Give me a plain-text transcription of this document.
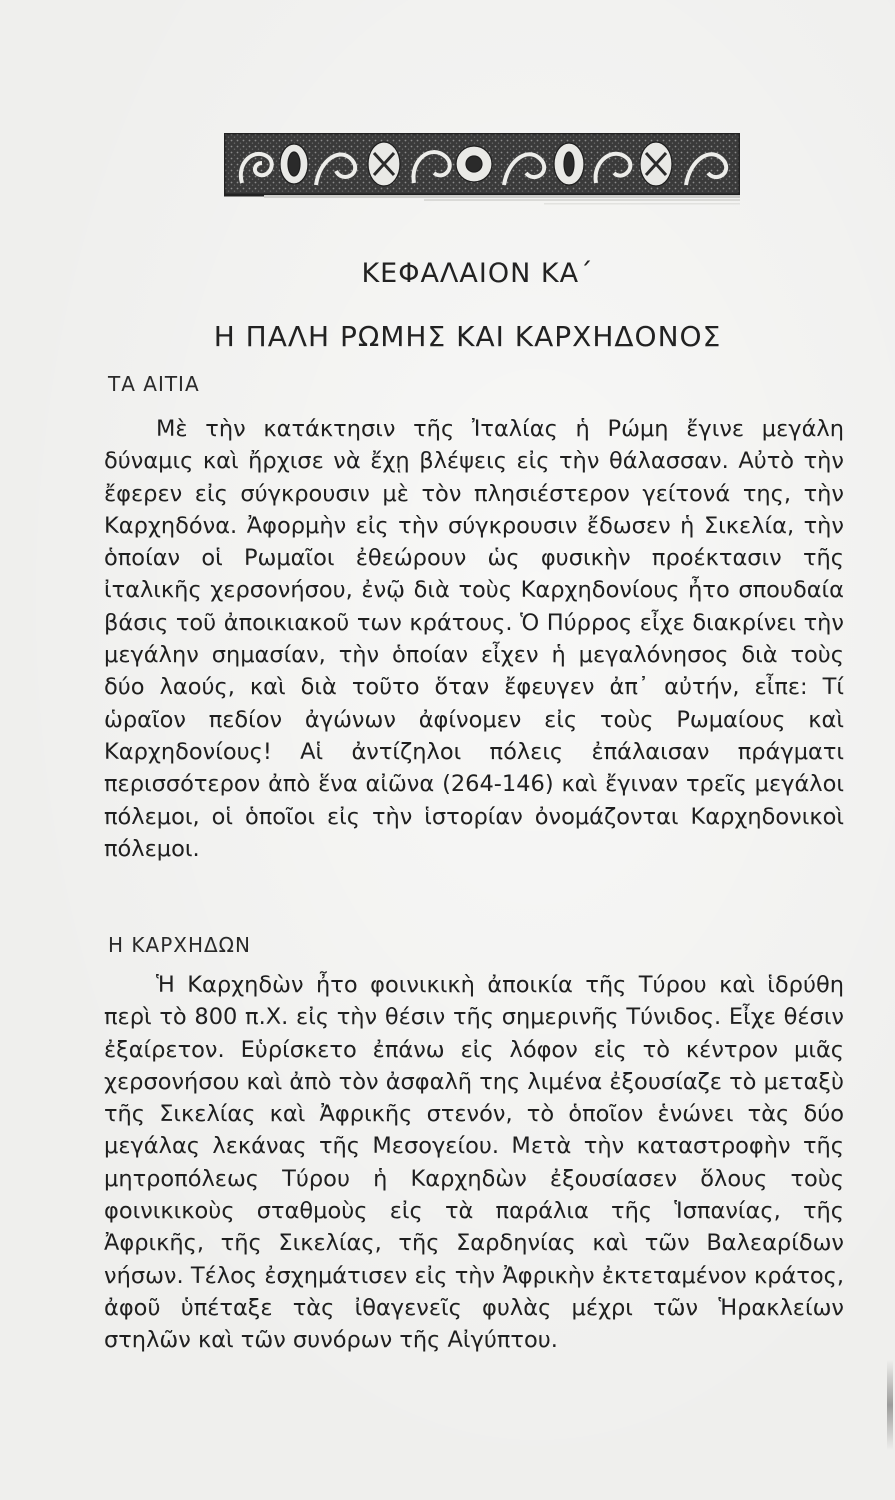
ΚΕΦΑΛΑΙΟΝ ΚΑ΄
Η ΠΑΛΗ ΡΩΜΗΣ ΚΑΙ ΚΑΡΧΗΔΟΝΟΣ
ΤΑ ΑΙΤΙΑ

Μὲ τὴν κατάκτησιν τῆς Ἰταλίας ἡ Ρώμη ἔγινε μεγάλη δύναμις καὶ ἤρχισε νὰ ἔχῃ βλέψεις εἰς τὴν θάλασσαν. Αὐτὸ τὴν ἔφερεν εἰς σύγκρουσιν μὲ τὸν πλησιέστερον γείτονά της, τὴν Καρχηδόνα. Ἀφορμὴν εἰς τὴν σύγκρουσιν ἔδωσεν ἡ Σικελία, τὴν ὁποίαν οἱ Ρωμαῖοι ἐθεώρουν ὡς φυσικὴν προέκτασιν τῆς ἰταλικῆς χερσονήσου, ἐνῷ διὰ τοὺς Καρχηδονίους ἦτο σπουδαία βάσις τοῦ ἀποικιακοῦ των κράτους. Ὁ Πύρρος εἶχε διακρίνει τὴν μεγάλην σημασίαν, τὴν ὁποίαν εἶχεν ἡ μεγαλόνησος διὰ τοὺς δύο λαούς, καὶ διὰ τοῦτο ὅταν ἔφευγεν ἀπ᾽ αὐτήν, εἶπε: Τί ὡραῖον πεδίον ἀγώνων ἀφίνομεν εἰς τοὺς Ρωμαίους καὶ Καρχηδονίους! Αἱ ἀντίζηλοι πόλεις ἐπάλαισαν πράγματι περισσότερον ἀπὸ ἕνα αἰῶνα (264-146) καὶ ἔγιναν τρεῖς μεγάλοι πόλεμοι, οἱ ὁποῖοι εἰς τὴν ἱστορίαν ὀνομάζονται Καρχηδονικοὶ πόλεμοι.

Η ΚΑΡΧΗΔΩΝ

Ἡ Καρχηδὼν ἦτο φοινικικὴ ἀποικία τῆς Τύρου καὶ ἱδρύθη περὶ τὸ 800 π.Χ. εἰς τὴν θέσιν τῆς σημερινῆς Τύνιδος. Εἶχε θέσιν ἐξαίρετον. Εὑρίσκετο ἐπάνω εἰς λόφον εἰς τὸ κέντρον μιᾶς χερσονήσου καὶ ἀπὸ τὸν ἀσφαλῆ της λιμένα ἐξουσίαζε τὸ μεταξὺ τῆς Σικελίας καὶ Ἀφρικῆς στενόν, τὸ ὁποῖον ἑνώνει τὰς δύο μεγάλας λεκάνας τῆς Μεσογείου. Μετὰ τὴν καταστροφὴν τῆς μητροπόλεως Τύρου ἡ Καρχηδὼν ἐξουσίασεν ὅλους τοὺς φοινικικοὺς σταθμοὺς εἰς τὰ παράλια τῆς Ἱσπανίας, τῆς Ἀφρικῆς, τῆς Σικελίας, τῆς Σαρδηνίας καὶ τῶν Βαλεαρίδων νήσων. Τέλος ἐσχημάτισεν εἰς τὴν Ἀφρικὴν ἐκτεταμένον κράτος, ἀφοῦ ὑπέταξε τὰς ἰθαγενεῖς φυλὰς μέχρι τῶν Ἡρακλείων στηλῶν καὶ τῶν συνόρων τῆς Αἰγύπτου.
